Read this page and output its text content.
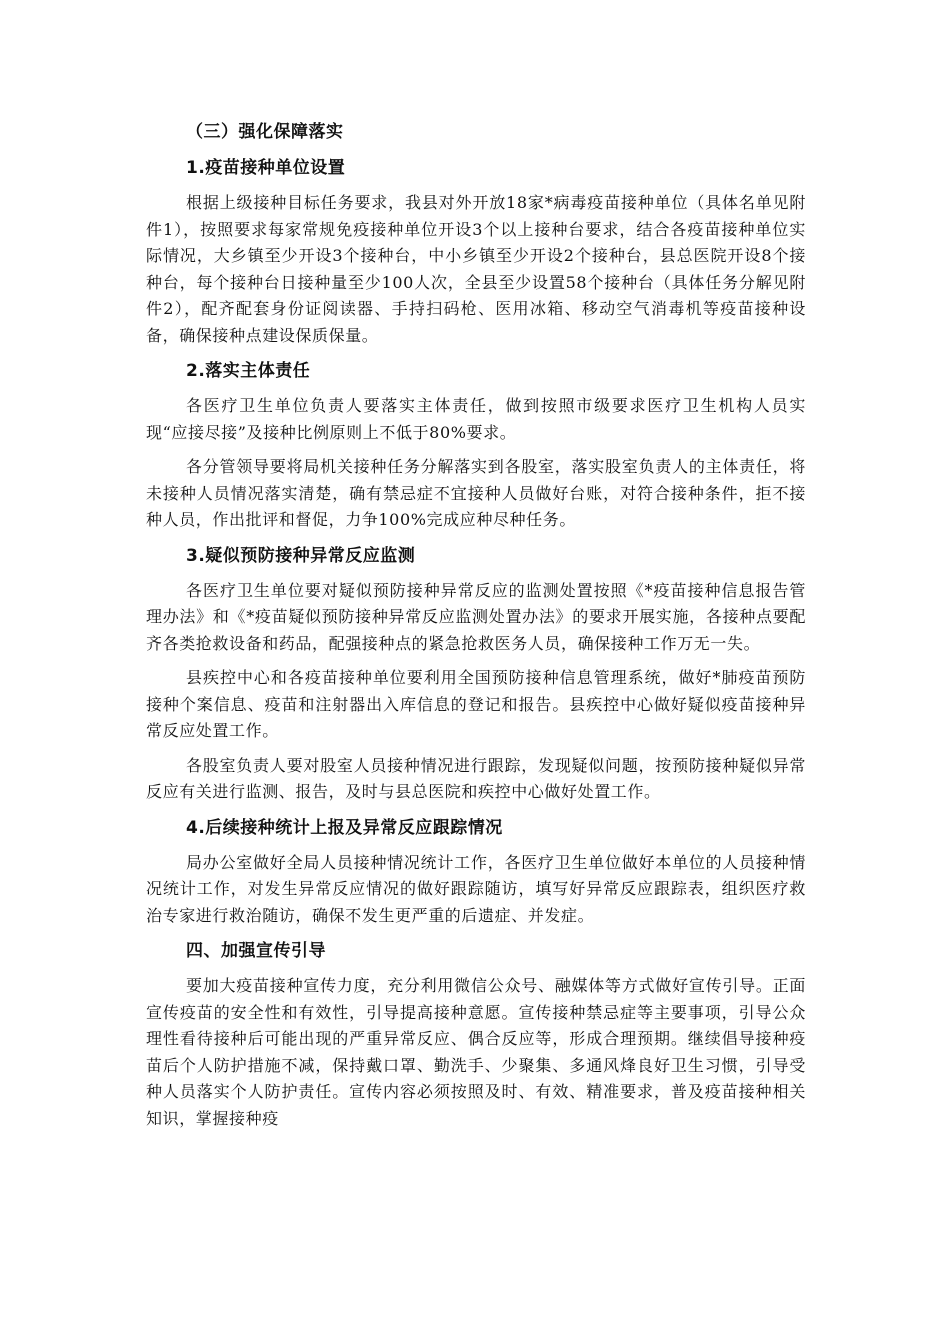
（三）强化保障落实
1.疫苗接种单位设置

根据上级接种目标任务要求，我县对外开放18家*病毒疫苗接种单位（具体名单见附件1），按照要求每家常规免疫接种单位开设3个以上接种台要求，结合各疫苗接种单位实际情况，大乡镇至少开设3个接种台，中小乡镇至少开设2个接种台，县总医院开设8个接种台，每个接种台日接种量至少100人次，全县至少设置58个接种台（具体任务分解见附件2），配齐配套身份证阅读器、手持扫码枪、医用冰箱、移动空气消毒机等疫苗接种设备，确保接种点建设保质保量。

2.落实主体责任

各医疗卫生单位负责人要落实主体责任，做到按照市级要求医疗卫生机构人员实现“应接尽接”及接种比例原则上不低于80%要求。

各分管领导要将局机关接种任务分解落实到各股室，落实股室负责人的主体责任，将未接种人员情况落实清楚，确有禁忌症不宜接种人员做好台账，对符合接种条件，拒不接种人员，作出批评和督促，力争100%完成应种尽种任务。

3.疑似预防接种异常反应监测

各医疗卫生单位要对疑似预防接种异常反应的监测处置按照《*疫苗接种信息报告管理办法》和《*疫苗疑似预防接种异常反应监测处置办法》的要求开展实施，各接种点要配齐各类抢救设备和药品，配强接种点的紧急抢救医务人员，确保接种工作万无一失。

县疾控中心和各疫苗接种单位要利用全国预防接种信息管理系统，做好*肺疫苗预防接种个案信息、疫苗和注射器出入库信息的登记和报告。县疾控中心做好疑似疫苗接种异常反应处置工作。

各股室负责人要对股室人员接种情况进行跟踪，发现疑似问题，按预防接种疑似异常反应有关进行监测、报告，及时与县总医院和疾控中心做好处置工作。

4.后续接种统计上报及异常反应跟踪情况

局办公室做好全局人员接种情况统计工作，各医疗卫生单位做好本单位的人员接种情况统计工作，对发生异常反应情况的做好跟踪随访，填写好异常反应跟踪表，组织医疗救治专家进行救治随访，确保不发生更严重的后遗症、并发症。

四、加强宣传引导

要加大疫苗接种宣传力度，充分利用微信公众号、融媒体等方式做好宣传引导。正面宣传疫苗的安全性和有效性，引导提高接种意愿。宣传接种禁忌症等主要事项，引导公众理性看待接种后可能出现的严重异常反应、偶合反应等，形成合理预期。继续倡导接种疫苗后个人防护措施不减，保持戴口罩、勤洗手、少聚集、多通风烽良好卫生习惯，引导受种人员落实个人防护责任。宣传内容必须按照及时、有效、精准要求，普及疫苗接种相关知识，掌握接种疫
